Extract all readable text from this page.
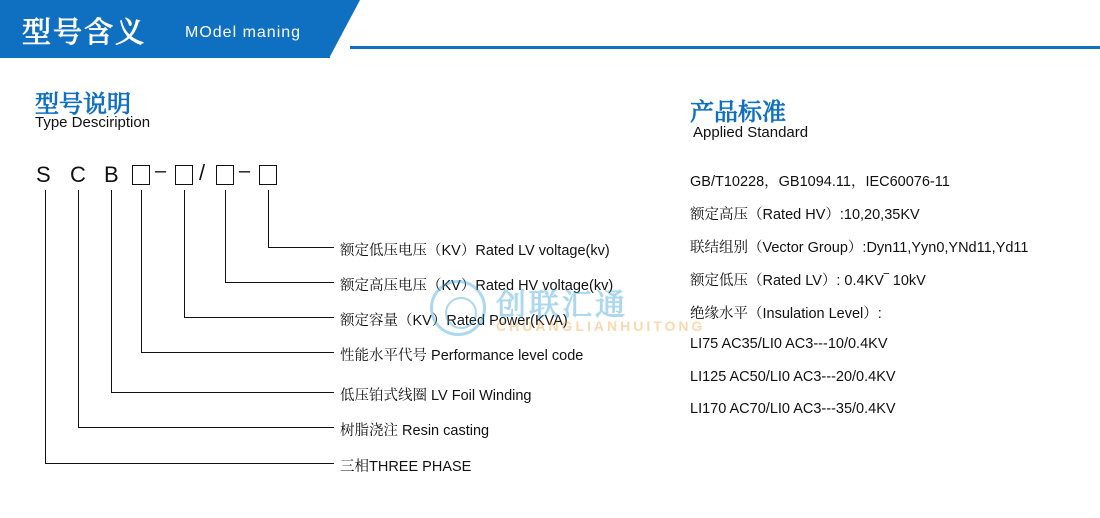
型号含义 MOdel maning
型号说明
Type Desciription	产品标准
Applied Standard
S C B – / –
额定低压电压（KV）Rated LV voltage(kv)
额定高压电压（KV）Rated HV voltage(kv)
额定容量（KV）Rated Power(KVA)
性能水平代号 Performance level code
低压铂式线圈 LV Foil Winding
树脂浇注 Resin casting
三相THREE PHASE
创联汇通
CHUANGLIANHUITONG
GB/T10228，GB1094.11，IEC60076-11
额定高压（Rated HV）:10,20,35KV
联结组别（Vector Group）:Dyn11,Yyn0,YNd11,Yd11
额定低压（Rated LV）: 0.4KV‾ 10kV
绝缘水平（Insulation Level）:
LI75 AC35/LI0 AC3---10/0.4KV
LI125 AC50/LI0 AC3---20/0.4KV
LI170 AC70/LI0 AC3---35/0.4KV
